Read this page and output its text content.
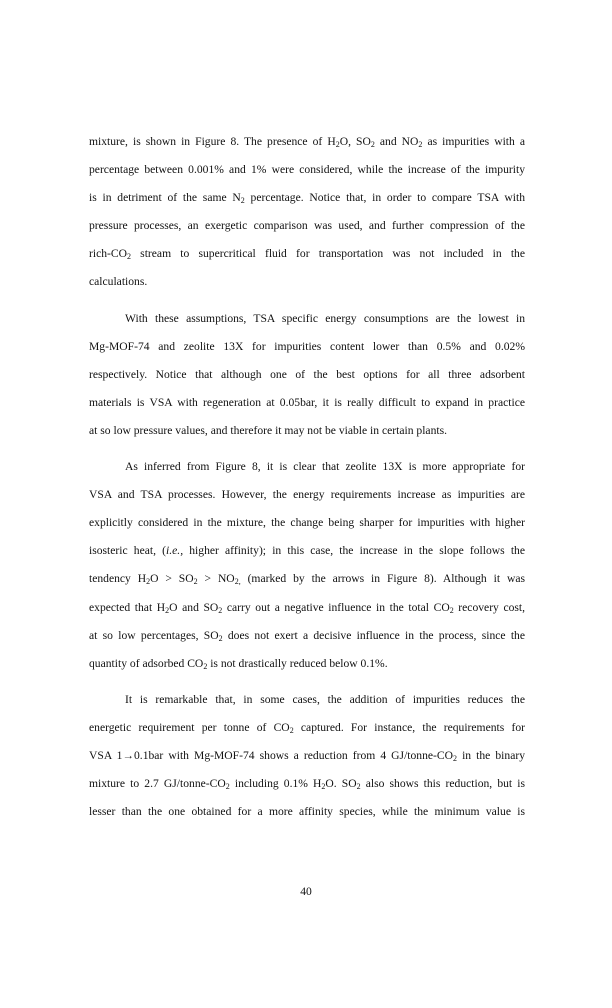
mixture, is shown in Figure 8. The presence of $H_2O$, $SO_2$ and $NO_2$ as impurities with a
percentage between 0.001% and 1% were considered, while the increase of the impurity
is in detriment of the same $N_2$ percentage. Notice that, in order to compare TSA with
pressure processes, an exergetic comparison was used, and further compression of the
rich-$CO_2$ stream to supercritical fluid for transportation was not included in the
calculations.
With these assumptions, TSA specific energy consumptions are the lowest in
Mg-MOF-74 and zeolite 13X for impurities content lower than 0.5% and 0.02%
respectively. Notice that although one of the best options for all three adsorbent
materials is VSA with regeneration at 0.05bar, it is really difficult to expand in practice
at so low pressure values, and therefore it may not be viable in certain plants.
As inferred from Figure 8, it is clear that zeolite 13X is more appropriate for
VSA and TSA processes. However, the energy requirements increase as impurities are
explicitly considered in the mixture, the change being sharper for impurities with higher
isosteric heat, (i.e., higher affinity); in this case, the increase in the slope follows the
tendency $H_2O > SO_2 > NO_{2,}$ (marked by the arrows in Figure 8). Although it was
expected that $H_2O$ and $SO_2$ carry out a negative influence in the total $CO_2$ recovery cost,
at so low percentages, $SO_2$ does not exert a decisive influence in the process, since the
quantity of adsorbed $CO_2$ is not drastically reduced below 0.1%.
It is remarkable that, in some cases, the addition of impurities reduces the
energetic requirement per tonne of $CO_2$ captured. For instance, the requirements for
VSA 1→0.1bar with Mg-MOF-74 shows a reduction from 4 $GJ/tonne-CO_2$ in the binary
mixture to 2.7 $GJ/tonne-CO_2$ including 0.1% $H_2O$. $SO_2$ also shows this reduction, but is
lesser than the one obtained for a more affinity species, while the minimum value is
40
